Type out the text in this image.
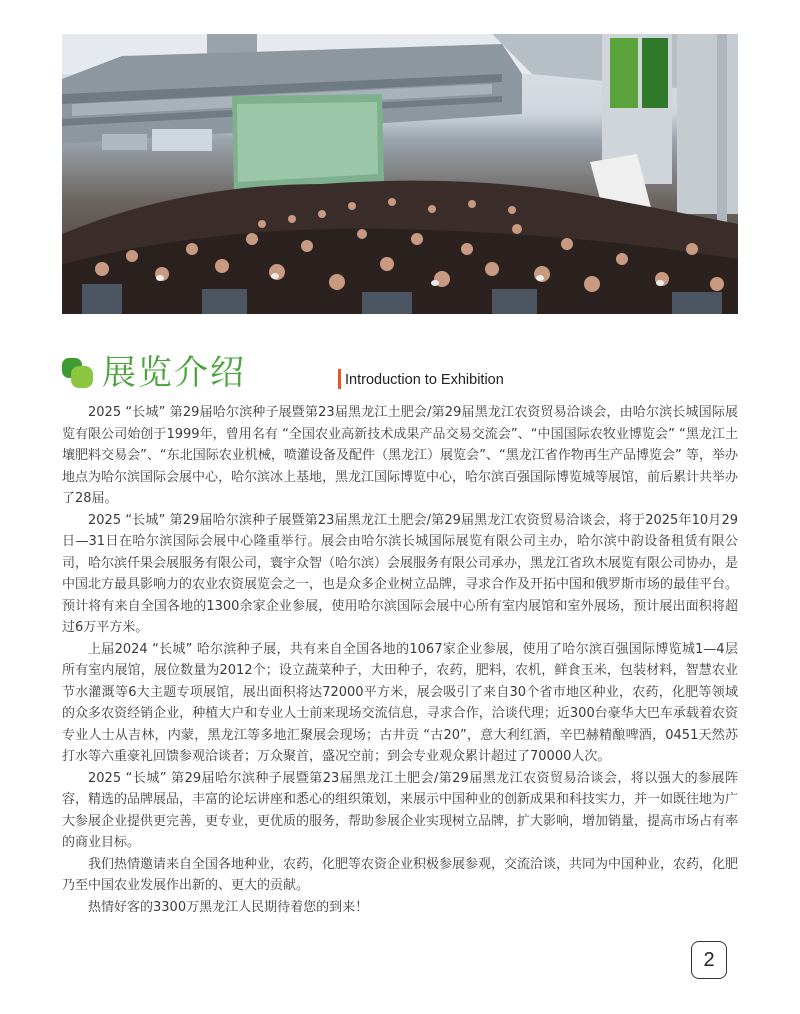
展览介绍	Introduction to Exhibition

2025 “长城” 第29届哈尔滨种子展暨第23届黑龙江土肥会/第29届黑龙江农资贸易洽谈会，由哈尔滨长城国际展览有限公司始创于1999年，曾用名有 “全国农业高新技术成果产品交易交流会”、“中国国际农牧业博览会” “黑龙江土壤肥料交易会”、“东北国际农业机械，喷灌设备及配件（黑龙江）展览会”、“黑龙江省作物再生产品博览会” 等，举办地点为哈尔滨国际会展中心，哈尔滨冰上基地，黑龙江国际博览中心，哈尔滨百强国际博览城等展馆，前后累计共举办了28届。

2025 “长城” 第29届哈尔滨种子展暨第23届黑龙江土肥会/第29届黑龙江农资贸易洽谈会，将于2025年10月29日—31日在哈尔滨国际会展中心隆重举行。展会由哈尔滨长城国际展览有限公司主办，哈尔滨中韵设备租赁有限公司，哈尔滨仟果会展服务有限公司，寰宇众智（哈尔滨）会展服务有限公司承办，黑龙江省玖木展览有限公司协办，是中国北方最具影响力的农业农资展览会之一，也是众多企业树立品牌，寻求合作及开拓中国和俄罗斯市场的最佳平台。预计将有来自全国各地的1300余家企业参展，使用哈尔滨国际会展中心所有室内展馆和室外展场，预计展出面积将超过6万平方米。

上届2024 “长城” 哈尔滨种子展，共有来自全国各地的1067家企业参展，使用了哈尔滨百强国际博览城1—4层所有室内展馆，展位数量为2012个；设立蔬菜种子，大田种子，农药，肥料，农机，鲜食玉米，包装材料，智慧农业节水灌溉等6大主题专项展馆，展出面积将达72000平方米，展会吸引了来自30个省市地区种业，农药，化肥等领域的众多农资经销企业，种植大户和专业人士前来现场交流信息，寻求合作，洽谈代理；近300台豪华大巴车承载着农资专业人士从吉林，内蒙，黑龙江等多地汇聚展会现场；古井贡 “古20”，意大利红酒，辛巴赫精酿啤酒，0451天然苏打水等六重豪礼回馈参观洽谈者；万众聚首，盛况空前；到会专业观众累计超过了70000人次。

2025 “长城” 第29届哈尔滨种子展暨第23届黑龙江土肥会/第29届黑龙江农资贸易洽谈会，将以强大的参展阵容，精选的品牌展品，丰富的论坛讲座和悉心的组织策划，来展示中国种业的创新成果和科技实力，并一如既往地为广大参展企业提供更完善，更专业，更优质的服务，帮助参展企业实现树立品牌，扩大影响，增加销量，提高市场占有率的商业目标。

我们热情邀请来自全国各地种业，农药，化肥等农资企业积极参展参观，交流洽谈，共同为中国种业，农药，化肥乃至中国农业发展作出新的、更大的贡献。

热情好客的3300万黑龙江人民期待着您的到来！

2
